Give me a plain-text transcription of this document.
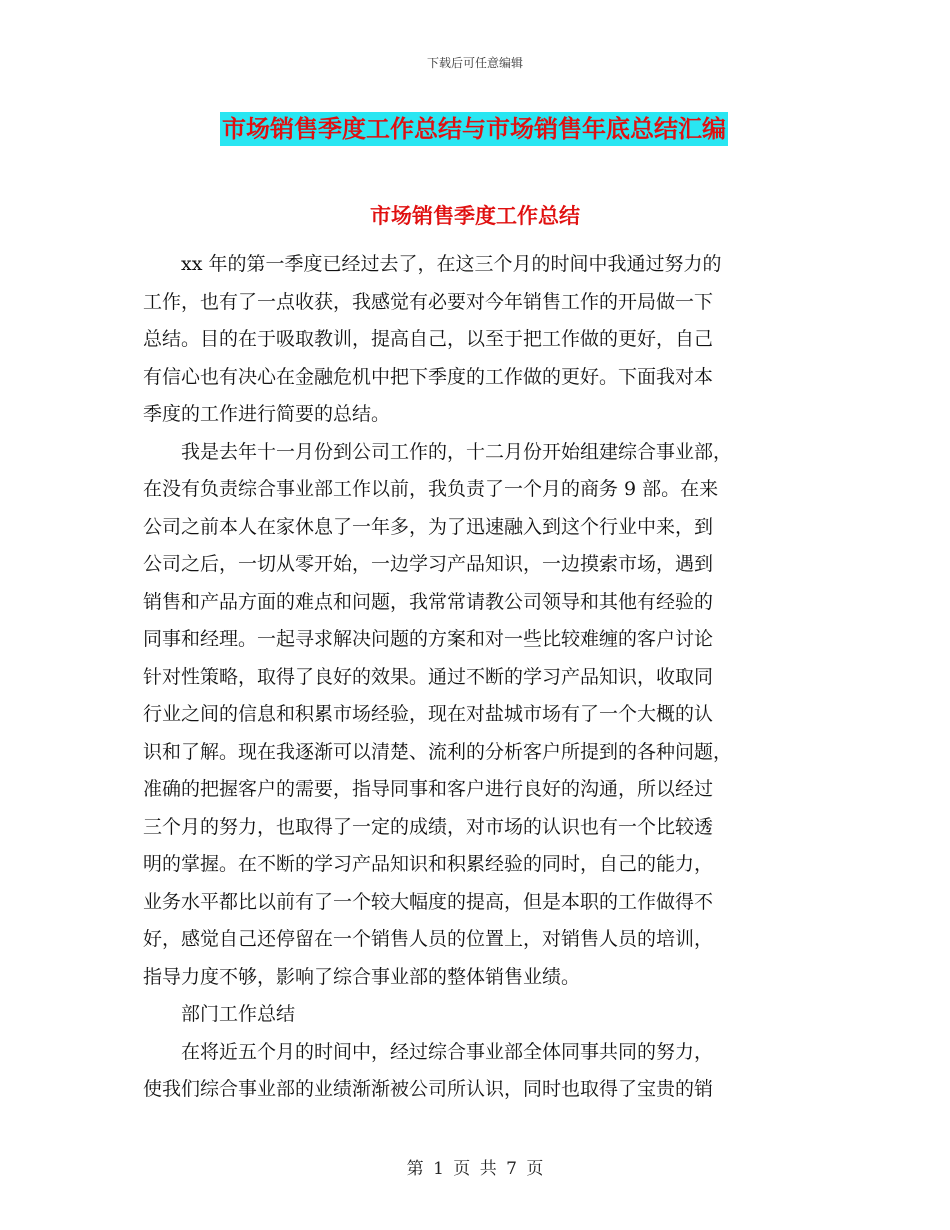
下载后可任意编辑
市场销售季度工作总结与市场销售年底总结汇编
市场销售季度工作总结

xx 年的第一季度已经过去了，在这三个月的时间中我通过努力的
工作，也有了一点收获，我感觉有必要对今年销售工作的开局做一下
总结。目的在于吸取教训，提高自己，以至于把工作做的更好，自己
有信心也有决心在金融危机中把下季度的工作做的更好。下面我对本
季度的工作进行简要的总结。

我是去年十一月份到公司工作的，十二月份开始组建综合事业部，
在没有负责综合事业部工作以前，我负责了一个月的商务 9 部。在来
公司之前本人在家休息了一年多，为了迅速融入到这个行业中来，到
公司之后，一切从零开始，一边学习产品知识，一边摸索市场，遇到
销售和产品方面的难点和问题，我常常请教公司领导和其他有经验的
同事和经理。一起寻求解决问题的方案和对一些比较难缠的客户讨论
针对性策略，取得了良好的效果。通过不断的学习产品知识，收取同
行业之间的信息和积累市场经验，现在对盐城市场有了一个大概的认
识和了解。现在我逐渐可以清楚、流利的分析客户所提到的各种问题，
准确的把握客户的需要，指导同事和客户进行良好的沟通，所以经过
三个月的努力，也取得了一定的成绩，对市场的认识也有一个比较透
明的掌握。在不断的学习产品知识和积累经验的同时，自己的能力，
业务水平都比以前有了一个较大幅度的提高，但是本职的工作做得不
好，感觉自己还停留在一个销售人员的位置上，对销售人员的培训，
指导力度不够，影响了综合事业部的整体销售业绩。

部门工作总结

在将近五个月的时间中，经过综合事业部全体同事共同的努力，
使我们综合事业部的业绩渐渐被公司所认识，同时也取得了宝贵的销

第 1 页 共 7 页
